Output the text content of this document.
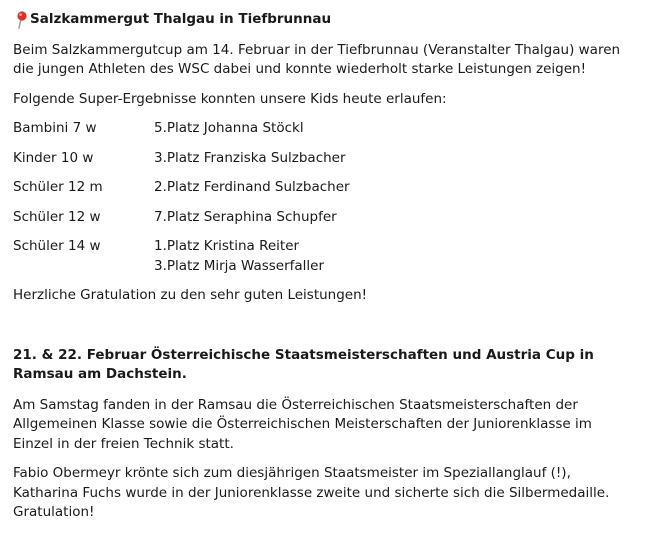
Salzkammergut Thalgau in Tiefbrunnau

Beim Salzkammergutcup am 14. Februar in der Tiefbrunnau (Veranstalter Thalgau) waren die jungen Athleten des WSC dabei und konnte wiederholt starke Leistungen zeigen!

Folgende Super-Ergebnisse konnten unsere Kids heute erlaufen:

Bambini 7 w	5.Platz Johanna Stöckl
Kinder 10 w	3.Platz Franziska Sulzbacher
Schüler 12 m	2.Platz Ferdinand Sulzbacher
Schüler 12 w	7.Platz Seraphina Schupfer
Schüler 14 w	1.Platz Kristina Reiter
3.Platz Mirja Wasserfaller

Herzliche Gratulation zu den sehr guten Leistungen!

21. & 22. Februar Österreichische Staatsmeisterschaften und Austria Cup in Ramsau am Dachstein.

Am Samstag fanden in der Ramsau die Österreichischen Staatsmeisterschaften der Allgemeinen Klasse sowie die Österreichischen Meisterschaften der Juniorenklasse im Einzel in der freien Technik statt.

Fabio Obermeyr krönte sich zum diesjährigen Staatsmeister im Speziallanglauf (!), Katharina Fuchs wurde in der Juniorenklasse zweite und sicherte sich die Silbermedaille.
Gratulation!
